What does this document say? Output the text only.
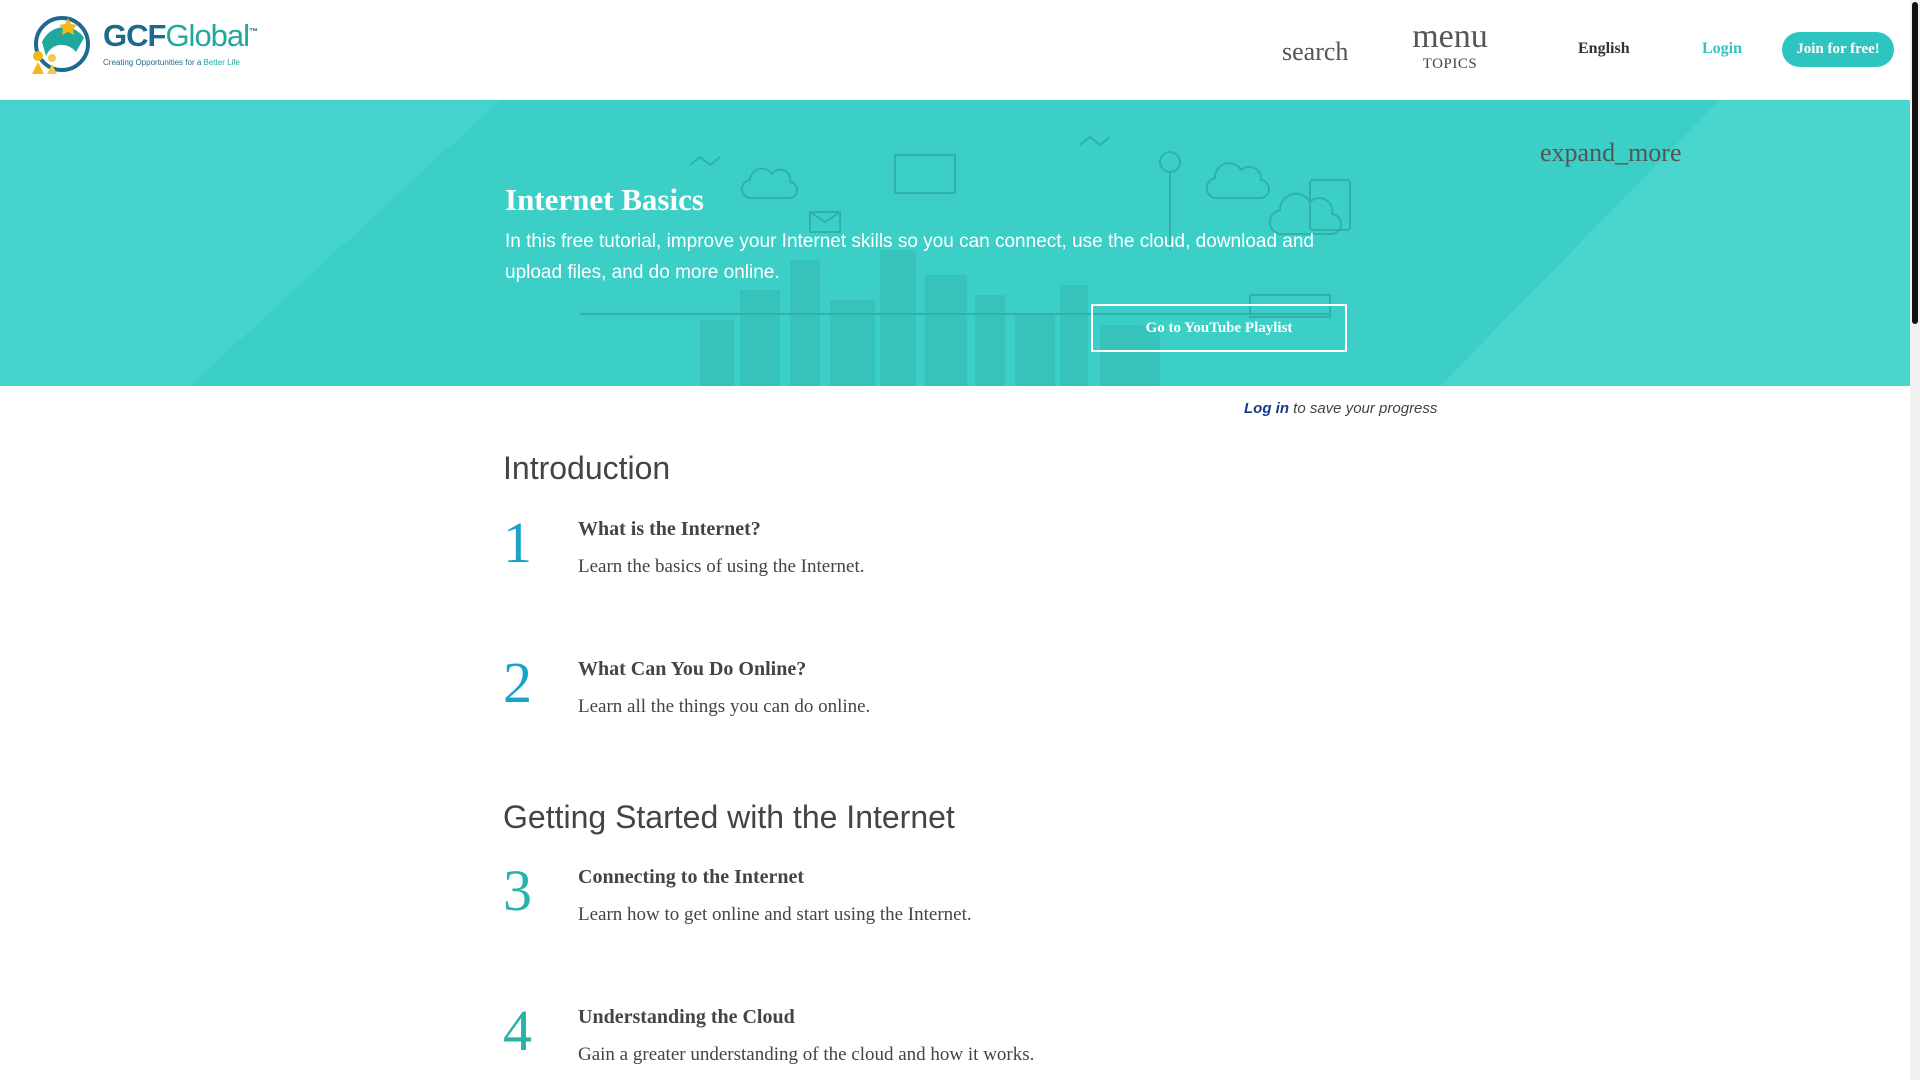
GCFGlobal™
Creating Opportunities for a Better Life	search menu
TOPICS
English	Login	Join for free!
expand_more
Internet Basics
In this free tutorial, improve your Internet skills so you can connect, use the cloud, download and upload files, and do more online.
Go to YouTube Playlist
Log in to save your progress
Introduction
1 What is the Internet?
Learn the basics of using the Internet.
2 What Can You Do Online?
Learn all the things you can do online.
Getting Started with the Internet
3 Connecting to the Internet
Learn how to get online and start using the Internet.
4 Understanding the Cloud
Gain a greater understanding of the cloud and how it works.
